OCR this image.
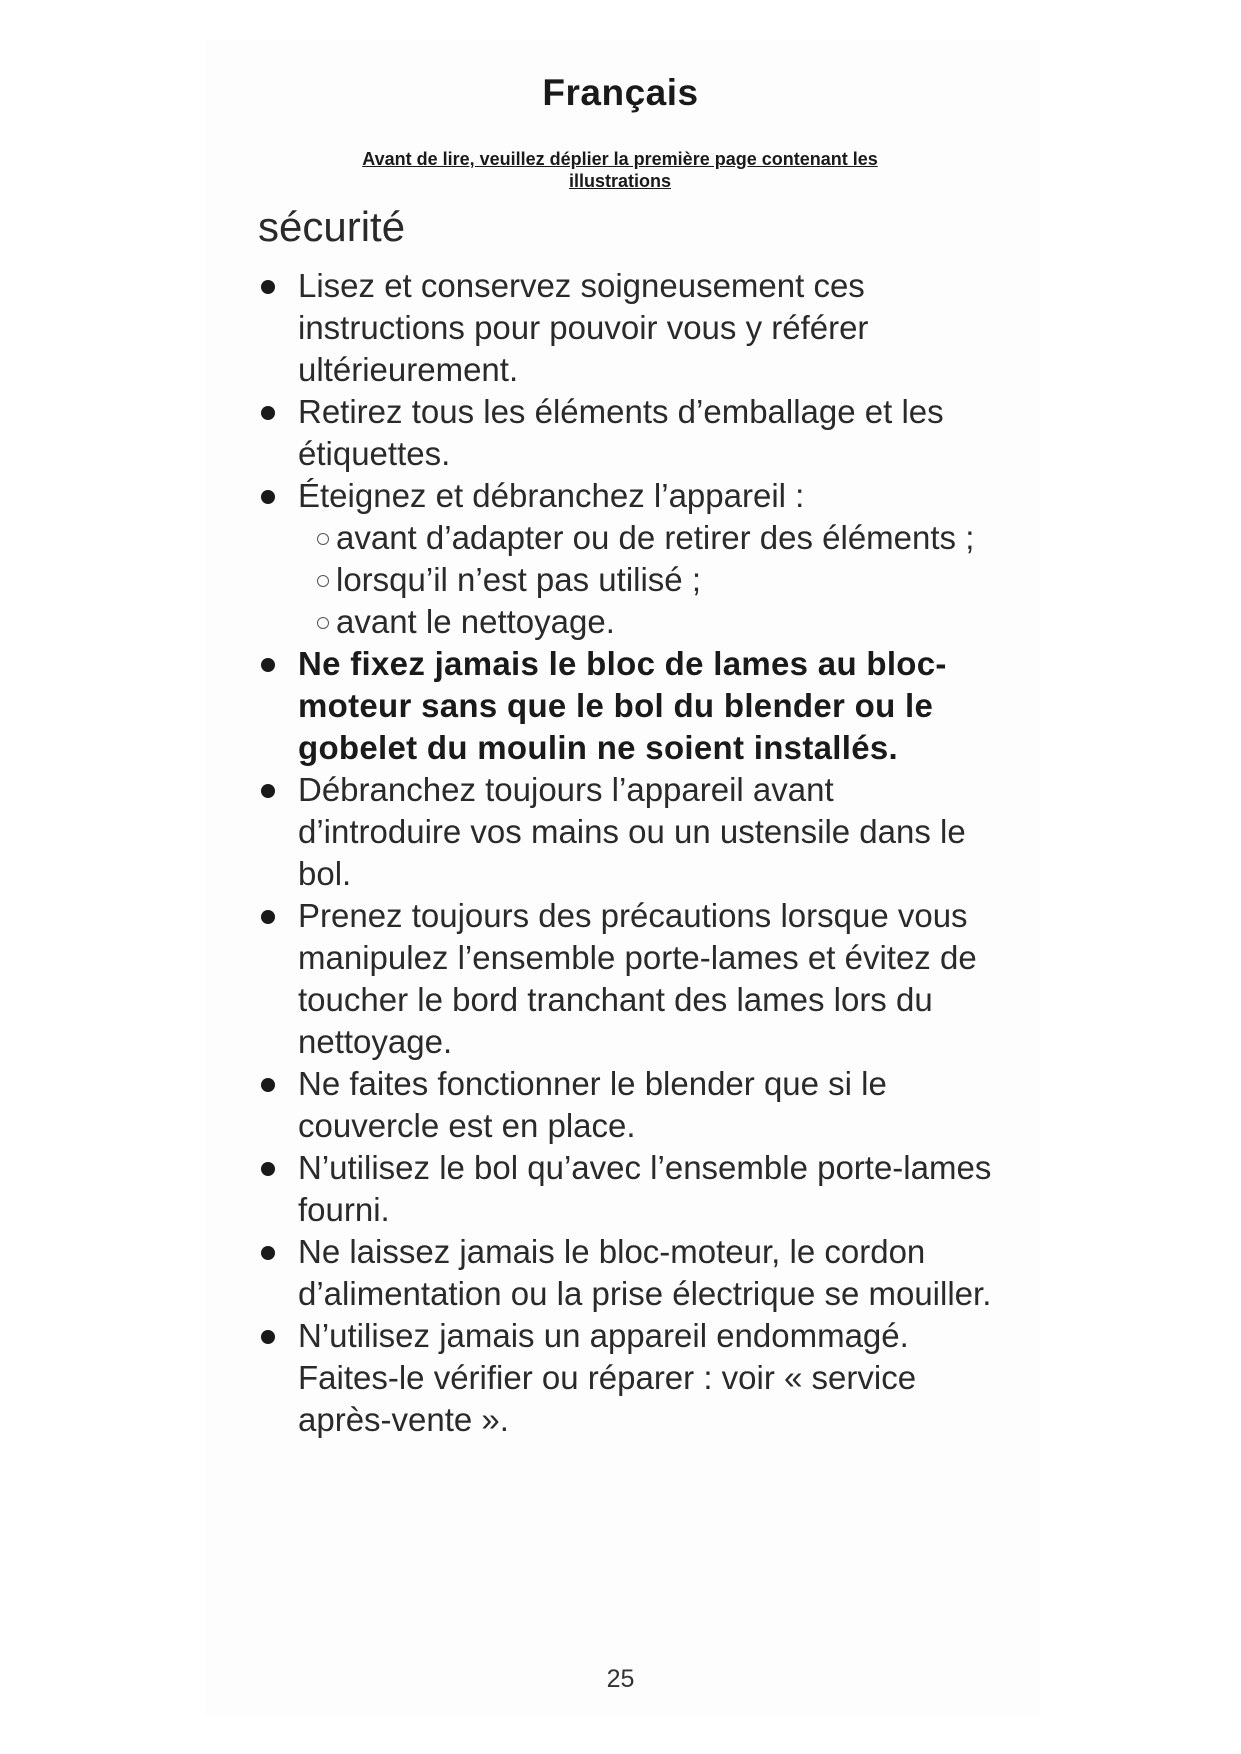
Français
Avant de lire, veuillez déplier la première page contenant les
illustrations
sécurité
Lisez et conservez soigneusement ces instructions pour pouvoir vous y référer ultérieurement.
Retirez tous les éléments d’emballage et les étiquettes.
Éteignez et débranchez l’appareil :
avant d’adapter ou de retirer des éléments ;
lorsqu’il n’est pas utilisé ;
avant le nettoyage.
Ne fixez jamais le bloc de lames au bloc-moteur sans que le bol du blender ou le gobelet du moulin ne soient installés.
Débranchez toujours l’appareil avant d’introduire vos mains ou un ustensile dans le bol.
Prenez toujours des précautions lorsque vous manipulez l’ensemble porte-lames et évitez de toucher le bord tranchant des lames lors du nettoyage.
Ne faites fonctionner le blender que si le couvercle est en place.
N’utilisez le bol qu’avec l’ensemble porte-lames fourni.
Ne laissez jamais le bloc-moteur, le cordon d’alimentation ou la prise électrique se mouiller.
N’utilisez jamais un appareil endommagé. Faites-le vérifier ou réparer : voir « service après-vente ».
25
